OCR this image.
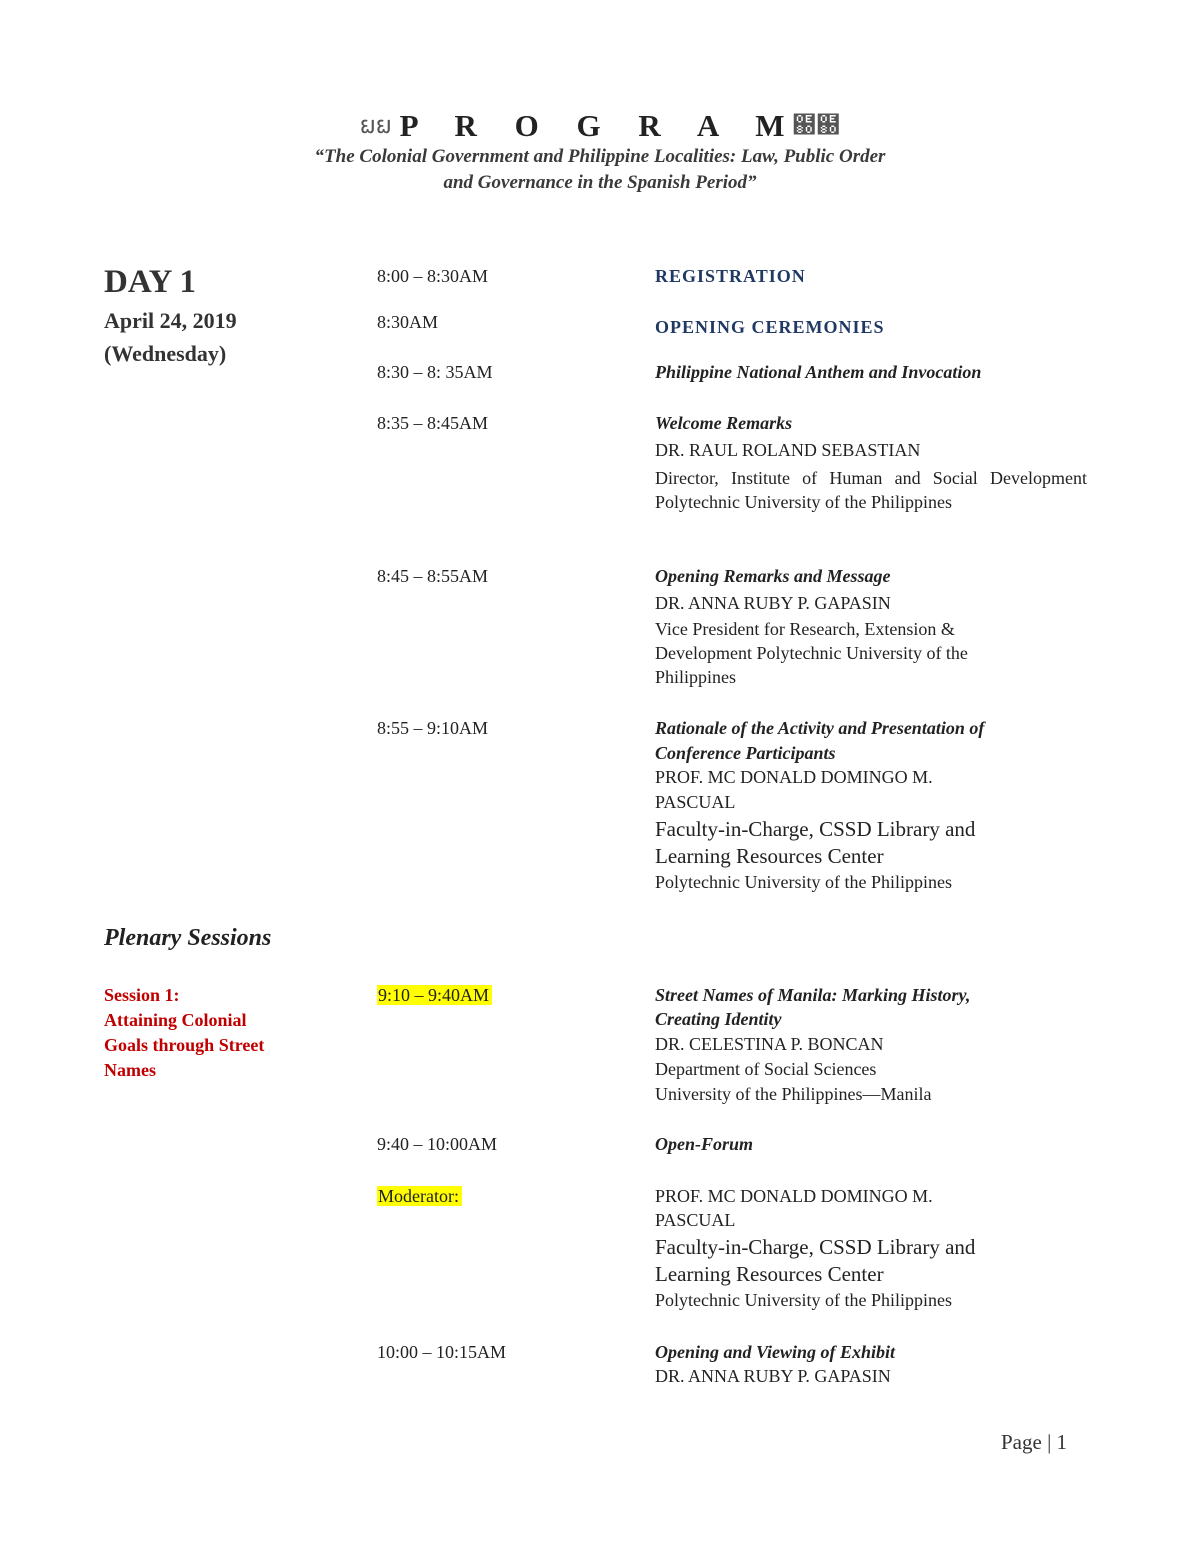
ຏຏ P R O G R A M ຀຀
“The Colonial Government and Philippine Localities: Law, Public Order
and Governance in the Spanish Period”
DAY 1
April 24, 2019
(Wednesday)
8:00 – 8:30AM	REGISTRATION
8:30AM	OPENING CEREMONIES
8:30 – 8: 35AM	Philippine National Anthem and Invocation
8:35 – 8:45AM	Welcome Remarks
DR. RAUL ROLAND SEBASTIAN
Director, Institute of Human and Social Development Polytechnic University of the Philippines
8:45 – 8:55AM	Opening Remarks and Message
DR. ANNA RUBY P. GAPASIN
Vice President for Research, Extension &
Development Polytechnic University of the
Philippines
8:55 – 9:10AM	Rationale of the Activity and Presentation of
Conference Participants
PROF. MC DONALD DOMINGO M.
PASCUAL
Faculty-in-Charge, CSSD Library and
Learning Resources Center
Polytechnic University of the Philippines
Plenary Sessions
Session 1:
Attaining Colonial
Goals through Street
Names
9:10 – 9:40AM	Street Names of Manila: Marking History,
Creating Identity
DR. CELESTINA P. BONCAN
Department of Social Sciences
University of the Philippines—Manila
9:40 – 10:00AM	Open-Forum
Moderator:	PROF. MC DONALD DOMINGO M.
PASCUAL
Faculty-in-Charge, CSSD Library and
Learning Resources Center
Polytechnic University of the Philippines
10:00 – 10:15AM	Opening and Viewing of Exhibit
DR. ANNA RUBY P. GAPASIN
Page | 1
